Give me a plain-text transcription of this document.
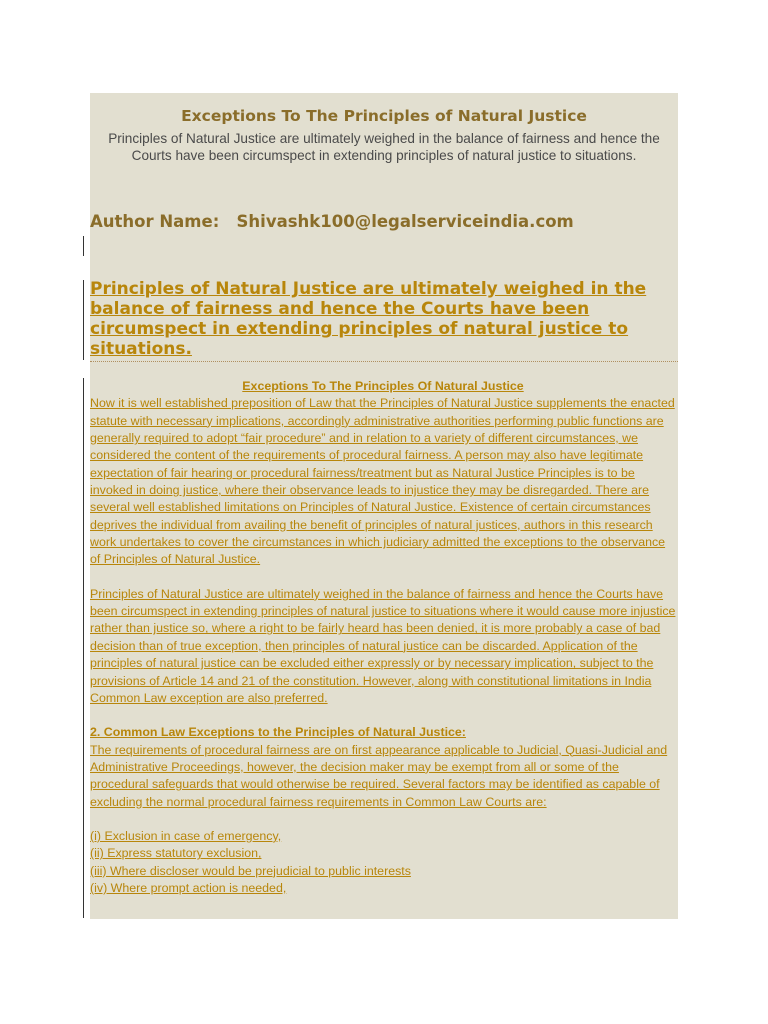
Exceptions To The Principles of Natural Justice
Principles of Natural Justice are ultimately weighed in the balance of fairness and hence the Courts have been circumspect in extending principles of natural justice to situations.
Author Name: Shivashk100@legalserviceindia.com

Principles of Natural Justice are ultimately weighed in the balance of fairness and hence the Courts have been circumspect in extending principles of natural justice to situations.

Exceptions To The Principles Of Natural Justice

Now it is well established preposition of Law that the Principles of Natural Justice supplements the enacted statute with necessary implications, accordingly administrative authorities performing public functions are generally required to adopt “fair procedure” and in relation to a variety of different circumstances, we considered the content of the requirements of procedural fairness. A person may also have legitimate expectation of fair hearing or procedural fairness/treatment but as Natural Justice Principles is to be invoked in doing justice, where their observance leads to injustice they may be disregarded. There are several well established limitations on Principles of Natural Justice. Existence of certain circumstances deprives the individual from availing the benefit of principles of natural justices, authors in this research work undertakes to cover the circumstances in which judiciary admitted the exceptions to the observance of Principles of Natural Justice.

Principles of Natural Justice are ultimately weighed in the balance of fairness and hence the Courts have been circumspect in extending principles of natural justice to situations where it would cause more injustice rather than justice so, where a right to be fairly heard has been denied, it is more probably a case of bad decision than of true exception, then principles of natural justice can be discarded. Application of the principles of natural justice can be excluded either expressly or by necessary implication, subject to the provisions of Article 14 and 21 of the constitution. However, along with constitutional limitations in India Common Law exception are also preferred.

2. Common Law Exceptions to the Principles of Natural Justice:

The requirements of procedural fairness are on first appearance applicable to Judicial, Quasi-Judicial and Administrative Proceedings, however, the decision maker may be exempt from all or some of the procedural safeguards that would otherwise be required. Several factors may be identified as capable of excluding the normal procedural fairness requirements in Common Law Courts are:

(i) Exclusion in case of emergency,
(ii) Express statutory exclusion,
(iii) Where discloser would be prejudicial to public interests
(iv) Where prompt action is needed,
